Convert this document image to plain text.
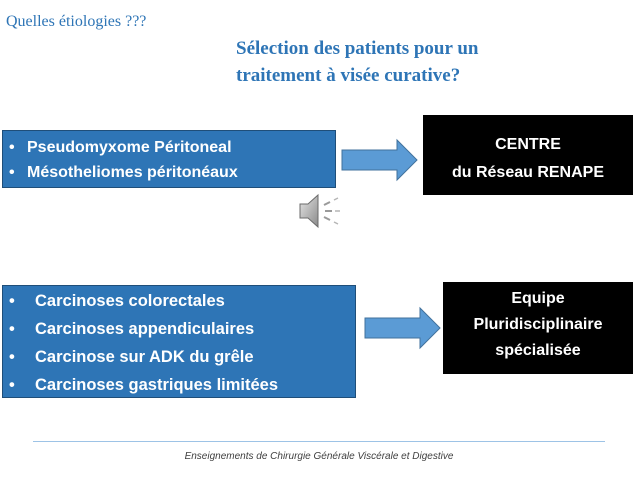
Quelles étiologies ???
Sélection des patients pour un
traitement à visée curative?
• Pseudomyxome Péritoneal
• Mésotheliomes péritonéaux
CENTRE
du Réseau RENAPE
• Carcinoses colorectales
• Carcinoses appendiculaires
• Carcinose sur ADK du grêle
• Carcinoses gastriques limitées
Equipe
Pluridisciplinaire
spécialisée
Enseignements de Chirurgie Générale Viscérale et Digestive
